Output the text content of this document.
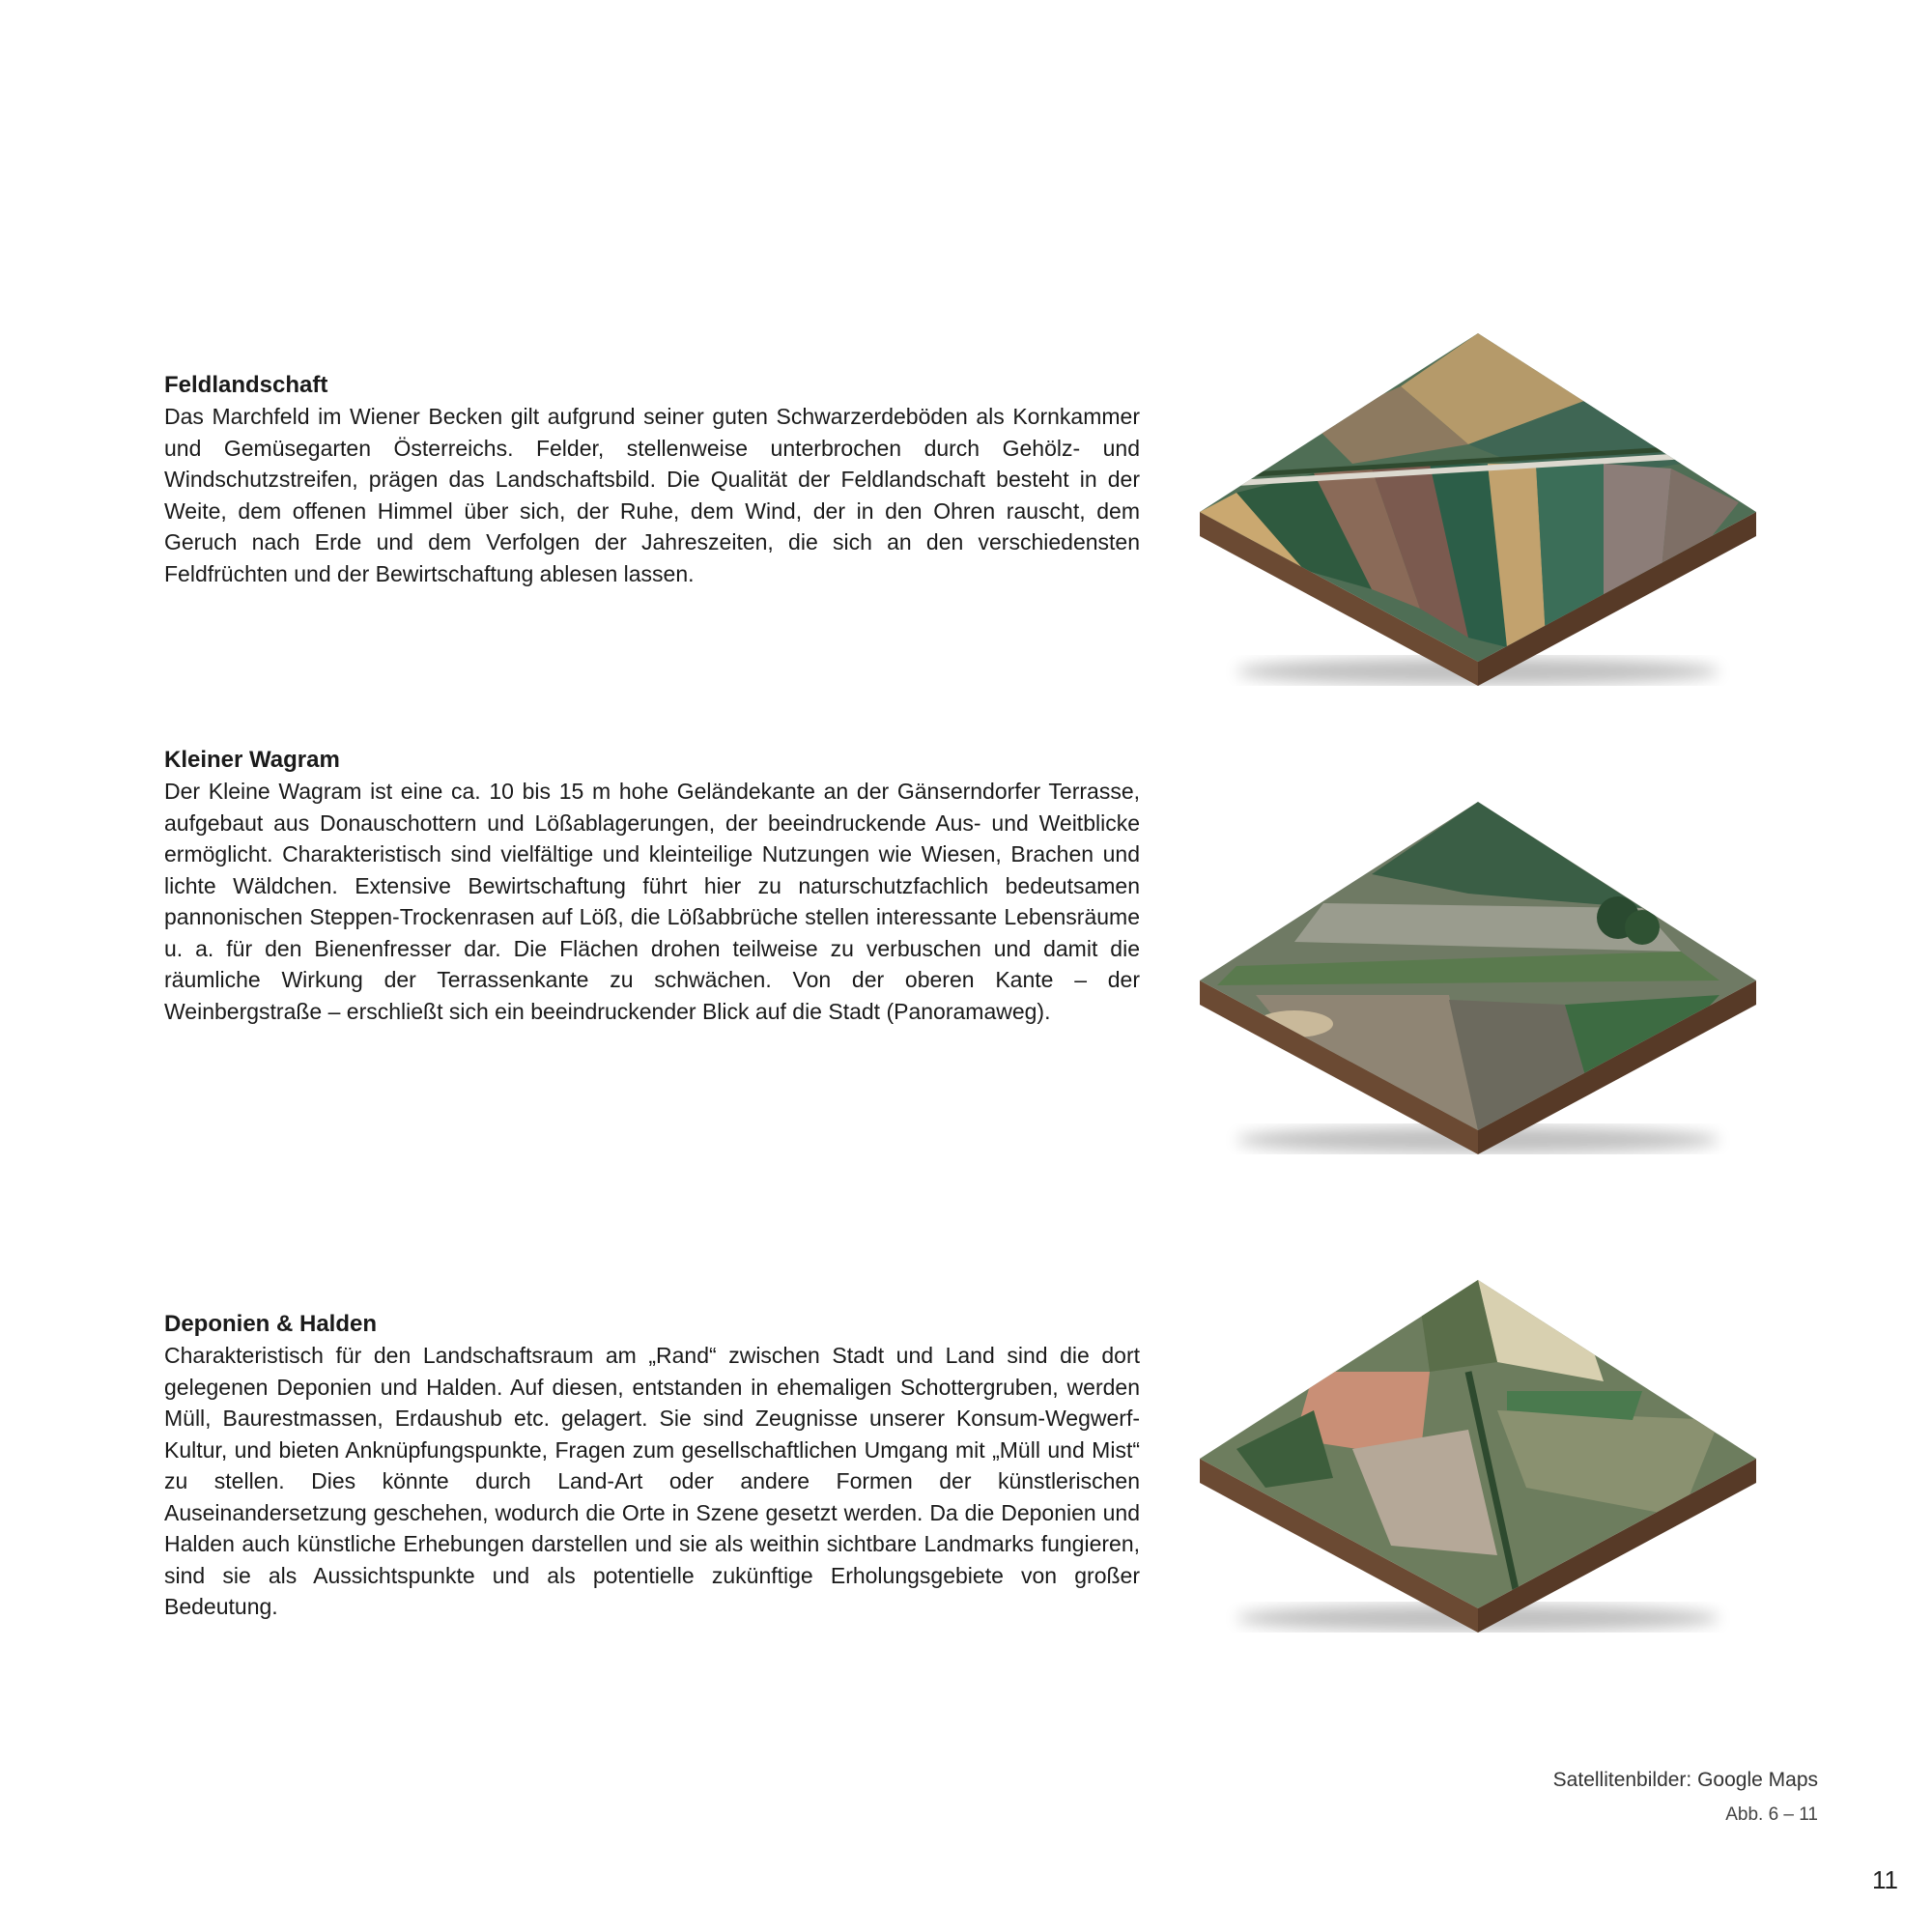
Feldlandschaft

Das Marchfeld im Wiener Becken gilt aufgrund seiner guten Schwarzerdeböden als Kornkammer und Gemüsegarten Österreichs. Felder, stellenweise unterbrochen durch Gehölz- und Windschutzstreifen, prägen das Landschaftsbild. Die Qualität der Feldlandschaft besteht in der Weite, dem offenen Himmel über sich, der Ruhe, dem Wind, der in den Ohren rauscht, dem Geruch nach Erde und dem Verfolgen der Jahreszeiten, die sich an den verschiedensten Feldfrüchten und der Bewirtschaftung ablesen lassen.

Kleiner Wagram

Der Kleine Wagram ist eine ca. 10 bis 15 m hohe Geländekante an der Gänserndorfer Terrasse, aufgebaut aus Donauschottern und Lößablagerungen, der beeindruckende Aus- und Weitblicke ermöglicht. Charakteristisch sind vielfältige und kleinteilige Nutzungen wie Wiesen, Brachen und lichte Wäldchen. Extensive Bewirtschaftung führt hier zu naturschutzfachlich bedeutsamen pannonischen Steppen-Trockenrasen auf Löß, die Lößabbrüche stellen interessante Lebensräume u. a. für den Bienenfresser dar. Die Flächen drohen teilweise zu verbuschen und damit die räumliche Wirkung der Terrassenkante zu schwächen. Von der oberen Kante – der Weinbergstraße – erschließt sich ein beeindruckender Blick auf die Stadt (Panoramaweg).

Deponien & Halden

Charakteristisch für den Landschaftsraum am „Rand“ zwischen Stadt und Land sind die dort gelegenen Deponien und Halden. Auf diesen, entstanden in ehemaligen Schottergruben, werden Müll, Baurestmassen, Erdaushub etc. gelagert. Sie sind Zeugnisse unserer Konsum-Wegwerf-Kultur, und bieten Anknüpfungspunkte, Fragen zum gesellschaftlichen Umgang mit „Müll und Mist“ zu stellen. Dies könnte durch Land-Art oder andere Formen der künstlerischen Auseinandersetzung geschehen, wodurch die Orte in Szene gesetzt werden. Da die Deponien und Halden auch künstliche Erhebungen darstellen und sie als weithin sichtbare Landmarks fungieren, sind sie als Aussichtspunkte und als potentielle zukünftige Erholungsgebiete von großer Bedeutung.

Satellitenbilder: Google Maps
Abb. 6 – 11
11
